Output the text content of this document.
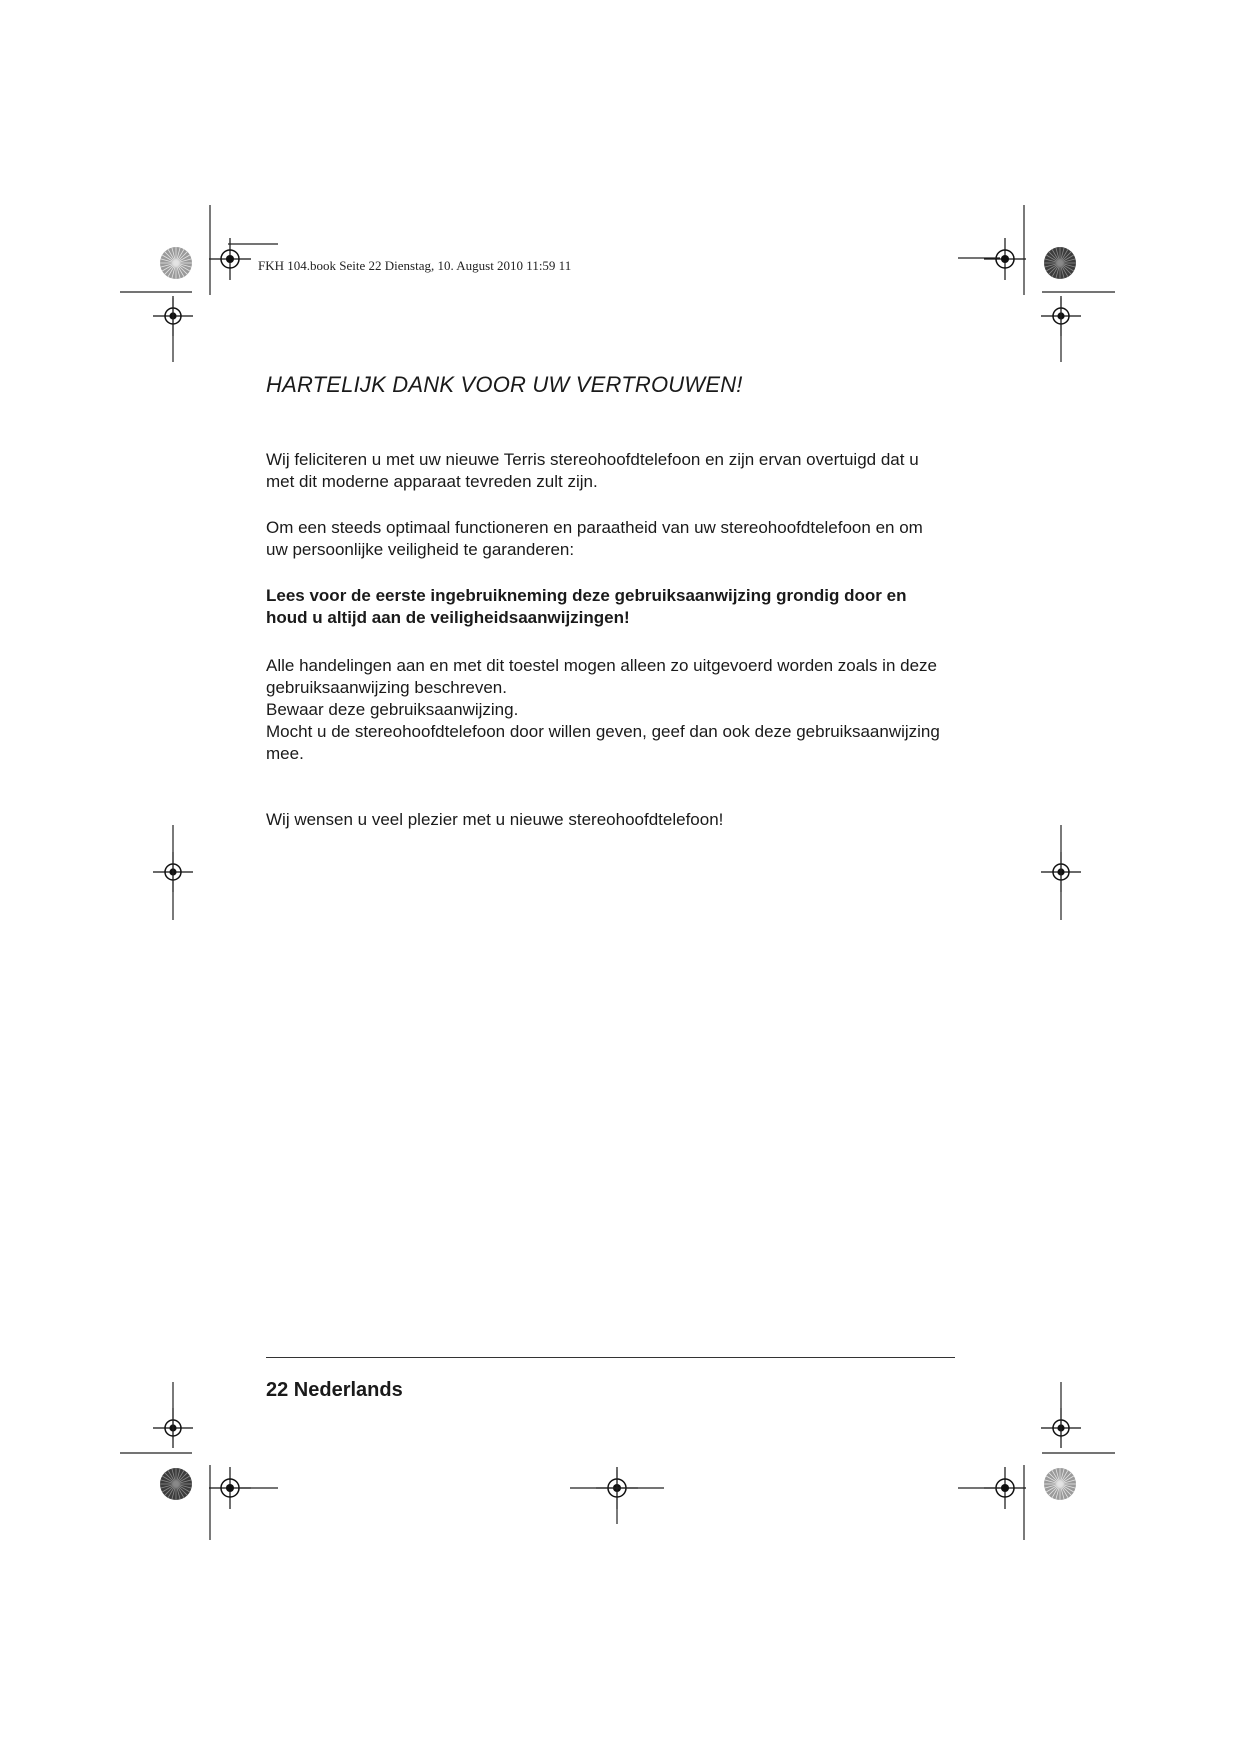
FKH 104.book Seite 22 Dienstag, 10. August 2010 11:59 11
HARTELIJK DANK VOOR UW VERTROUWEN!

Wij feliciteren u met uw nieuwe Terris stereohoofdtelefoon en zijn ervan overtuigd dat u
met dit moderne apparaat tevreden zult zijn.

Om een steeds optimaal functioneren en paraatheid van uw stereohoofdtelefoon en om
uw persoonlijke veiligheid te garanderen:

Lees voor de eerste ingebruikneming deze gebruiksaanwijzing grondig door en
houd u altijd aan de veiligheidsaanwijzingen!

Alle handelingen aan en met dit toestel mogen alleen zo uitgevoerd worden zoals in deze
gebruiksaanwijzing beschreven.
Bewaar deze gebruiksaanwijzing.
Mocht u de stereohoofdtelefoon door willen geven, geef dan ook deze gebruiksaanwijzing
mee.

Wij wensen u veel plezier met u nieuwe stereohoofdtelefoon!

22 Nederlands
